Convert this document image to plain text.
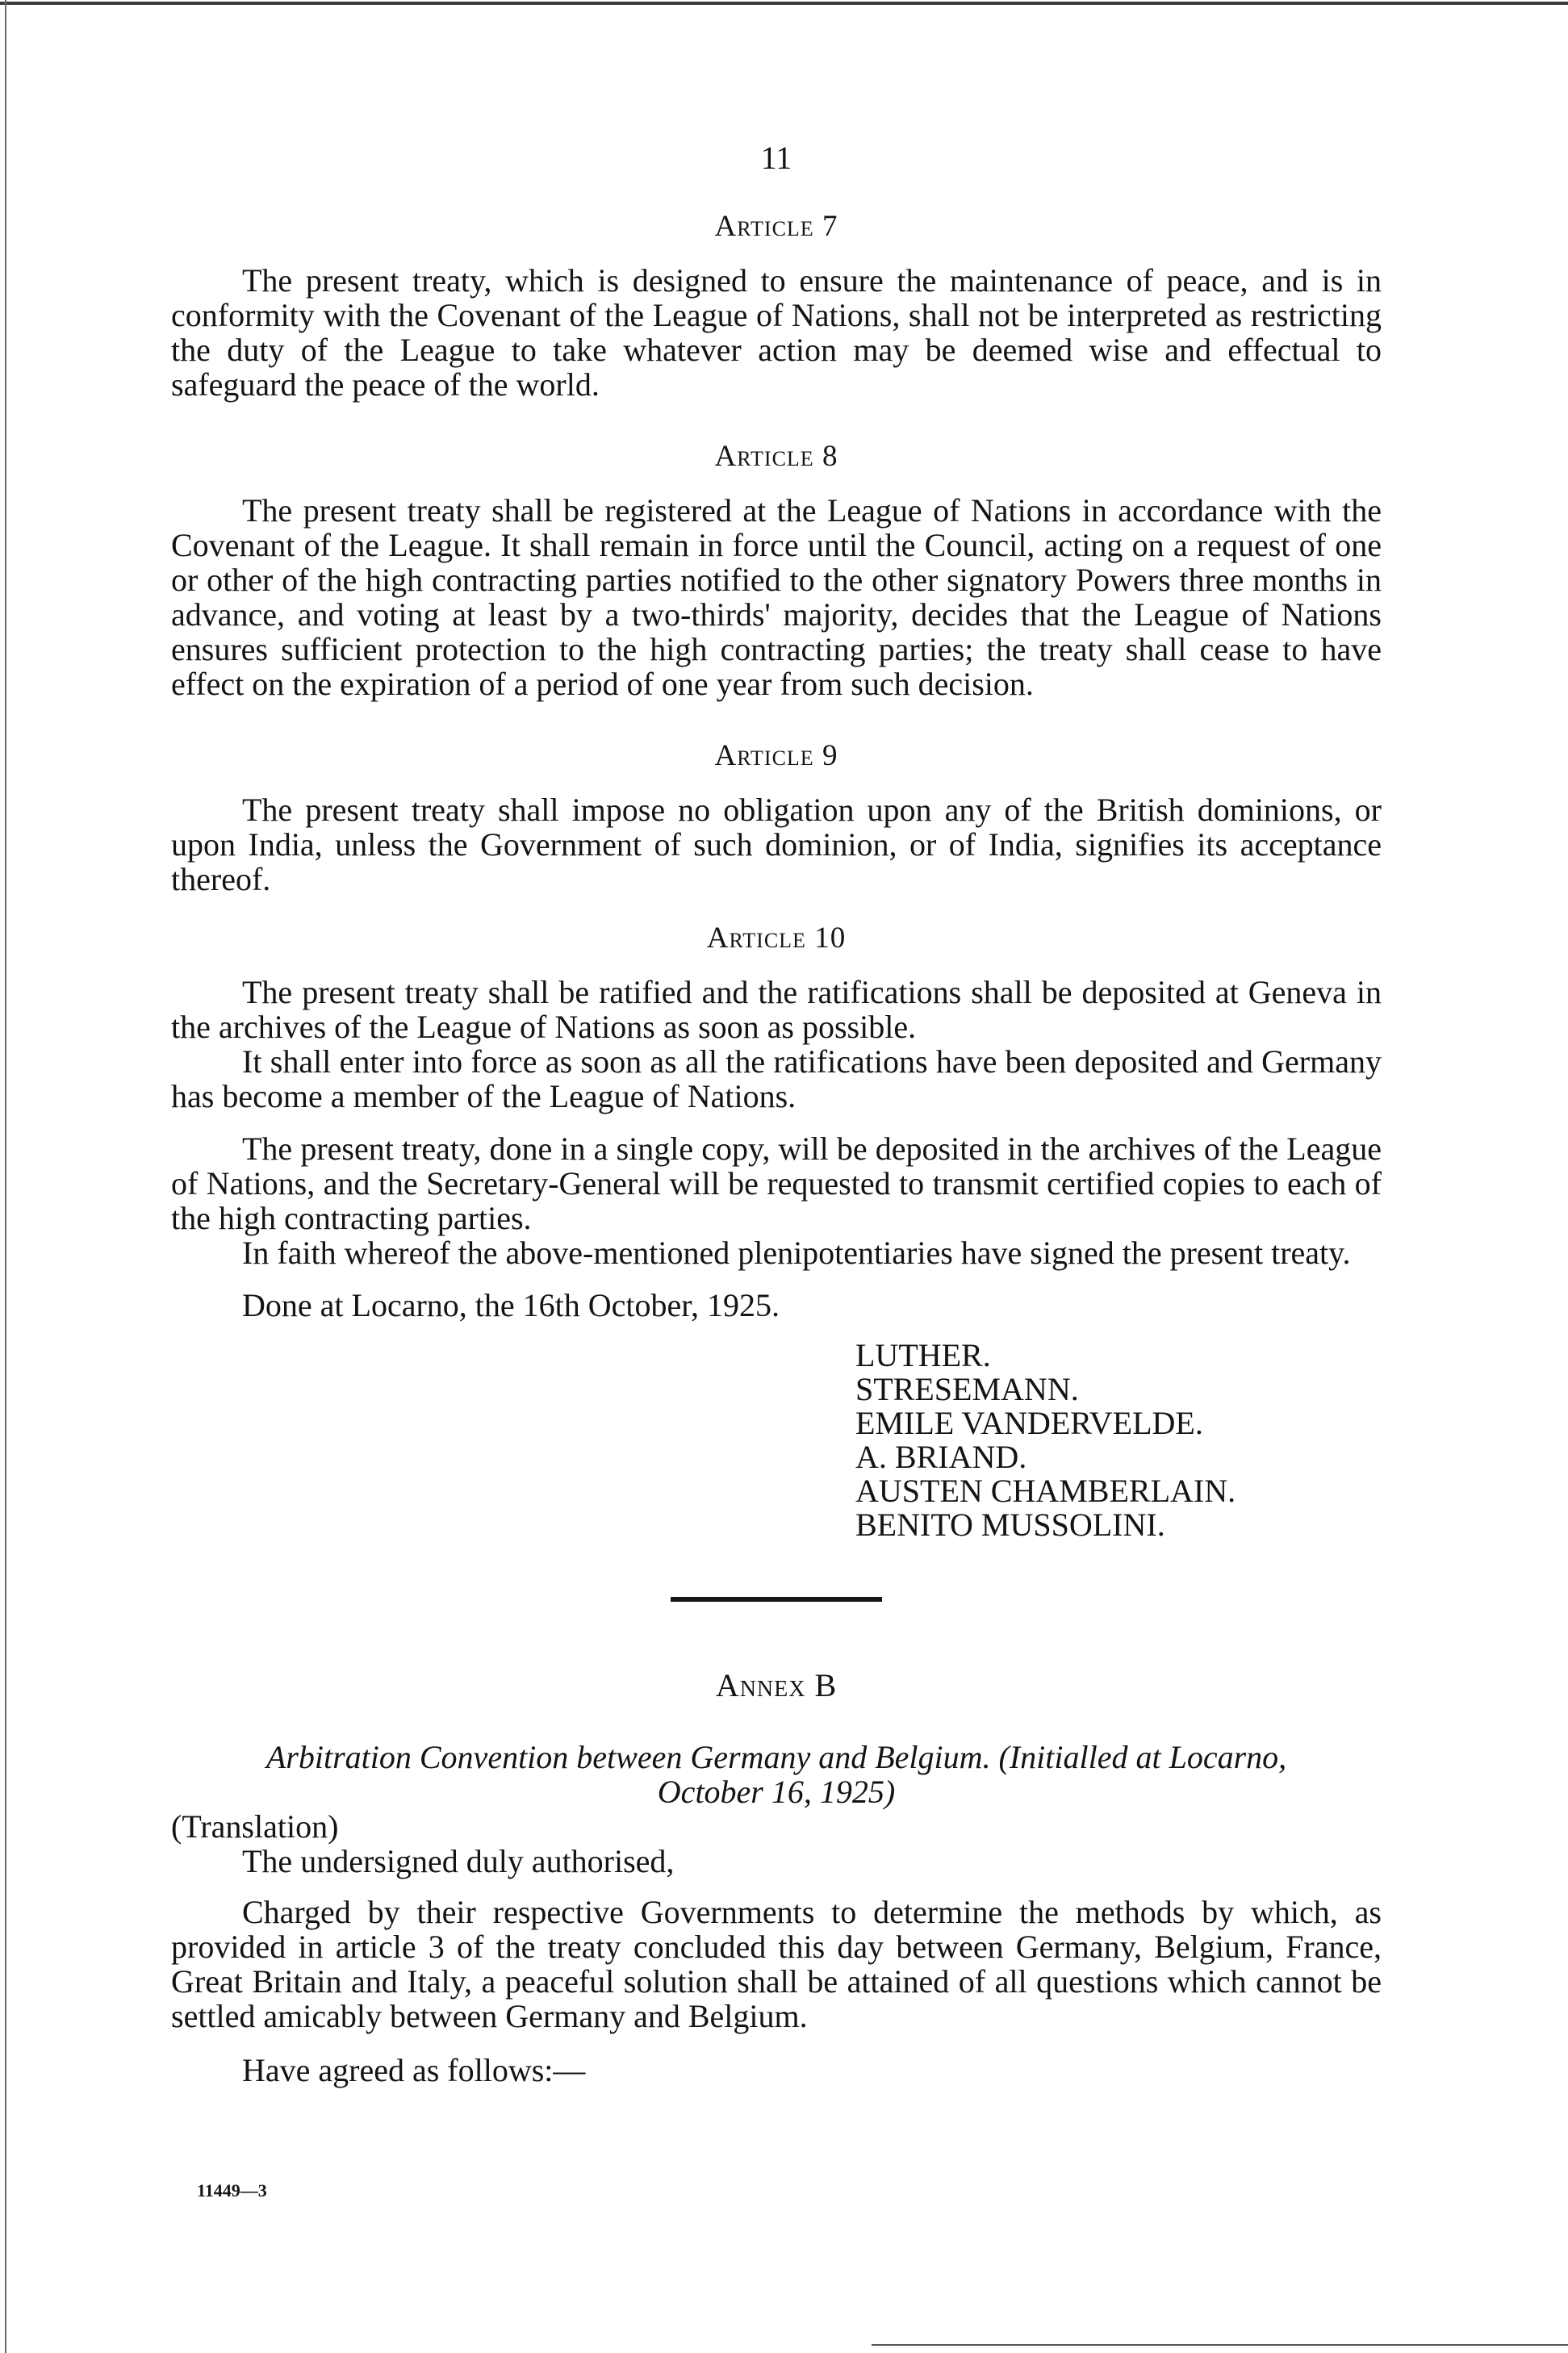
11
Article 7

The present treaty, which is designed to ensure the maintenance of peace, and is in conformity with the Covenant of the League of Nations, shall not be interpreted as restricting the duty of the League to take whatever action may be deemed wise and effectual to safeguard the peace of the world.

Article 8

The present treaty shall be registered at the League of Nations in accordance with the Covenant of the League. It shall remain in force until the Council, acting on a request of one or other of the high contracting parties notified to the other signatory Powers three months in advance, and voting at least by a two-thirds' majority, decides that the League of Nations ensures sufficient protection to the high contracting parties; the treaty shall cease to have effect on the expiration of a period of one year from such decision.

Article 9

The present treaty shall impose no obligation upon any of the British dominions, or upon India, unless the Government of such dominion, or of India, signifies its acceptance thereof.

Article 10

The present treaty shall be ratified and the ratifications shall be deposited at Geneva in the archives of the League of Nations as soon as possible.

It shall enter into force as soon as all the ratifications have been deposited and Germany has become a member of the League of Nations.

The present treaty, done in a single copy, will be deposited in the archives of the League of Nations, and the Secretary-General will be requested to transmit certified copies to each of the high contracting parties.

In faith whereof the above-mentioned plenipotentiaries have signed the present treaty.

Done at Locarno, the 16th October, 1925.

LUTHER.
STRESEMANN.
EMILE VANDERVELDE.
A. BRIAND.
AUSTEN CHAMBERLAIN.
BENITO MUSSOLINI.
Annex B

Arbitration Convention between Germany and Belgium. (Initialled at Locarno,

October 16, 1925)

(Translation)

The undersigned duly authorised,

Charged by their respective Governments to determine the methods by which, as provided in article 3 of the treaty concluded this day between Germany, Belgium, France, Great Britain and Italy, a peaceful solution shall be attained of all questions which cannot be settled amicably between Germany and Belgium.

Have agreed as follows:—

11449—3
